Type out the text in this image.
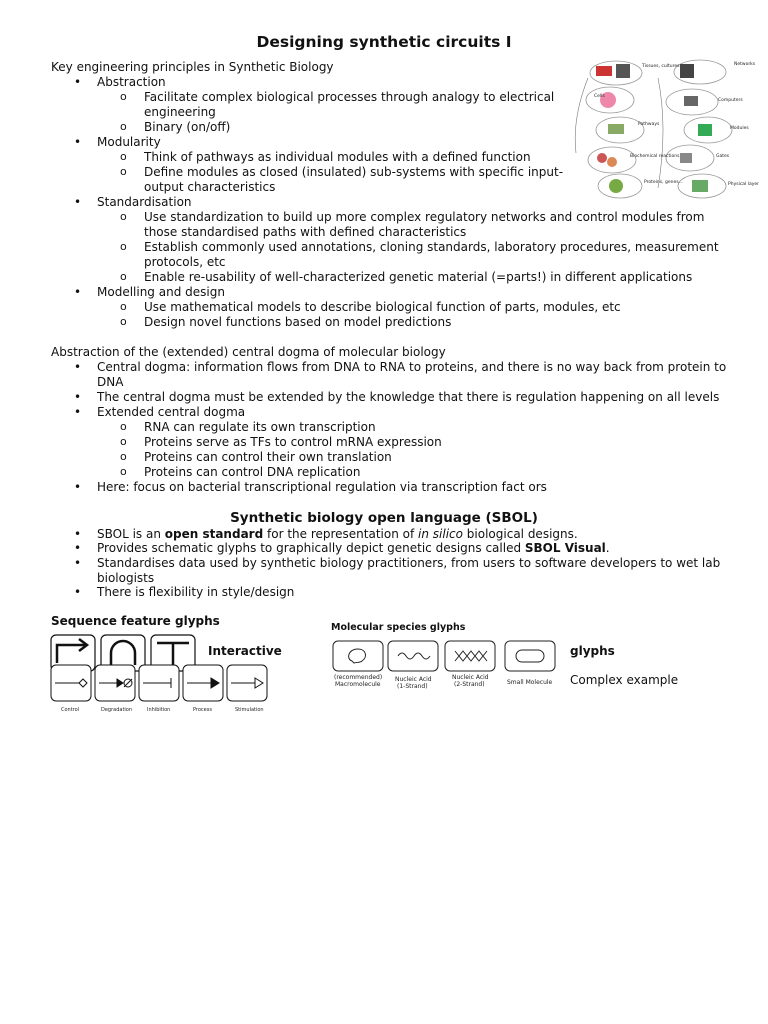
Designing synthetic circuits I
Key engineering principles in Synthetic Biology
• Abstraction
o Facilitate complex biological processes through analogy to electrical
engineering
o Binary (on/off)
• Modularity
o Think of pathways as individual modules with a defined function
o Define modules as closed (insulated) sub-systems with specific input-
output characteristics
• Standardisation
o Use standardization to build up more complex regulatory networks and control modules from
those standardised paths with defined characteristics
o Establish commonly used annotations, cloning standards, laboratory procedures, measurement
protocols, etc
o Enable re-usability of well-characterized genetic material (=parts!) in different applications
• Modelling and design
o Use mathematical models to describe biological function of parts, modules, etc
o Design novel functions based on model predictions
Abstraction of the (extended) central dogma of molecular biology
• Central dogma: information flows from DNA to RNA to proteins, and there is no way back from protein to
DNA
• The central dogma must be extended by the knowledge that there is regulation happening on all levels
• Extended central dogma
o RNA can regulate its own transcription
o Proteins serve as TFs to control mRNA expression
o Proteins can control their own translation
o Proteins can control DNA replication
• Here: focus on bacterial transcriptional regulation via transcription fact ors
Synthetic biology open language (SBOL)
• SBOL is an open standard for the representation of in silico biological designs.
• Provides schematic glyphs to graphically depict genetic designs called SBOL Visual.
• Standardises data used by synthetic biology practitioners, from users to software developers to wet lab
biologists
• There is flexibility in style/design
Sequence feature glyphs
Control	Degradation	Inhibition	Process	Stimulation
Interactive
Molecular species glyphs
(recommended)
Macromolecule
Nucleic Acid
(1-Strand)
Nucleic Acid
(2-Strand)	Small Molecule
glyphs
Complex example
Tissues, cultures
Cells
Pathways
Biochemical reactions
Proteins, genes...
Networks
Computers
Modules
Gates
Physical layer
